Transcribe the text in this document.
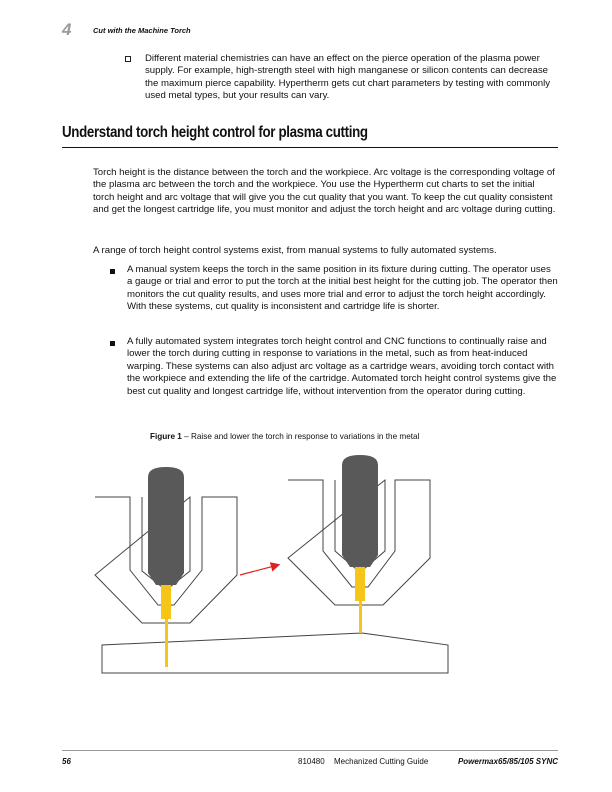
4	Cut with the Machine Torch
Different material chemistries can have an effect on the pierce operation of the plasma power supply. For example, high-strength steel with high manganese or silicon contents can decrease the maximum pierce capability. Hypertherm gets cut chart parameters by testing with commonly used metal types, but your results can vary.
Understand torch height control for plasma cutting
Torch height is the distance between the torch and the workpiece. Arc voltage is the corresponding voltage of the plasma arc between the torch and the workpiece. You use the Hypertherm cut charts to set the initial torch height and arc voltage that will give you the cut quality that you want. To keep the cut quality consistent and get the longest cartridge life, you must monitor and adjust the torch height and arc voltage during cutting.
A range of torch height control systems exist, from manual systems to fully automated systems.
A manual system keeps the torch in the same position in its fixture during cutting. The operator uses a gauge or trial and error to put the torch at the initial best height for the cutting job. The operator then monitors the cut quality results, and uses more trial and error to adjust the torch height accordingly. With these systems, cut quality is inconsistent and cartridge life is shorter.
A fully automated system integrates torch height control and CNC functions to continually raise and lower the torch during cutting in response to variations in the metal, such as from heat-induced warping. These systems can also adjust arc voltage as a cartridge wears, avoiding torch contact with the workpiece and extending the life of the cartridge. Automated torch height control systems give the best cut quality and longest cartridge life, without intervention from the operator during cutting.
Figure 1 – Raise and lower the torch in response to variations in the metal
56	810480 Mechanized Cutting Guide	Powermax65/85/105 SYNC
